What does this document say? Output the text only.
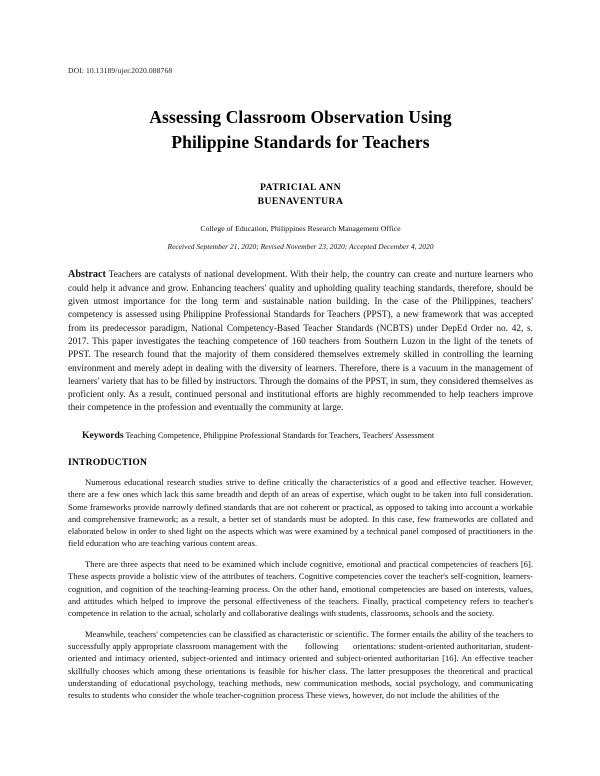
DOI: 10.13189/ujer.2020.088768
Assessing Classroom Observation Using
Philippine Standards for Teachers
PATRICIAL ANN
BUENAVENTURA
College of Education, Philippines Research Management Office
Received September 21, 2020; Revised November 23, 2020; Accepted December 4, 2020
Abstract Teachers are catalysts of national development. With their help, the country can create and nurture learners who could help it advance and grow. Enhancing teachers' quality and upholding quality teaching standards, therefore, should be given utmost importance for the long term and sustainable nation building. In the case of the Philippines, teachers' competency is assessed using Philippine Professional Standards for Teachers (PPST), a new framework that was accepted from its predecessor paradigm, National Competency-Based Teacher Standards (NCBTS) under DepEd Order no. 42, s. 2017. This paper investigates the teaching competence of 160 teachers from Southern Luzon in the light of the tenets of PPST. The research found that the majority of them considered themselves extremely skilled in controlling the learning environment and merely adept in dealing with the diversity of learners. Therefore, there is a vacuum in the management of learners' variety that has to be filled by instructors. Through the domains of the PPST, in sum, they considered themselves as proficient only. As a result, continued personal and institutional efforts are highly recommended to help teachers improve their competence in the profession and eventually the community at large.
Keywords Teaching Competence, Philippine Professional Standards for Teachers, Teachers' Assessment
INTRODUCTION

Numerous educational research studies strive to define critically the characteristics of a good and effective teacher. However, there are a few ones which lack this same breadth and depth of an areas of expertise, which ought to be taken into full consideration. Some frameworks provide narrowly defined standards that are not coherent or practical, as opposed to taking into account a workable and comprehensive framework; as a result, a better set of standards must be adopted. In this case, few frameworks are collated and elaborated below in order to shed light on the aspects which was were examined by a technical panel composed of practitioners in the field education who are teaching various content areas.

There are three aspects that need to be examined which include cognitive, emotional and practical competencies of teachers [6]. These aspects provide a holistic view of the attributes of teachers. Cognitive competencies cover the teacher's self-cognition, learners-cognition, and cognition of the teaching-learning process. On the other hand, emotional competencies are based on interests, values, and attitudes which helped to improve the personal effectiveness of the teachers. Finally, practical competency refers to teacher's competence in relation to the actual, scholarly and collaborative dealings with students, classrooms, schools and the society.

Meanwhile, teachers' competencies can be classified as characteristic or scientific. The former entails the ability of the teachers to successfully apply appropriate classroom management with the       following      orientations: student-oriented authoritarian, student-oriented and intimacy oriented, subject-oriented and intimacy oriented and subject-oriented authoritarian [16]. An effective teacher skillfully chooses which among these orientations is feasible for his/her class. The latter presupposes the theoretical and practical understanding of educational psychology, teaching methods, new communication methods, social psychology, and communicating results to students who consider the whole teacher-cognition process These views, however, do not include the abilities of the
